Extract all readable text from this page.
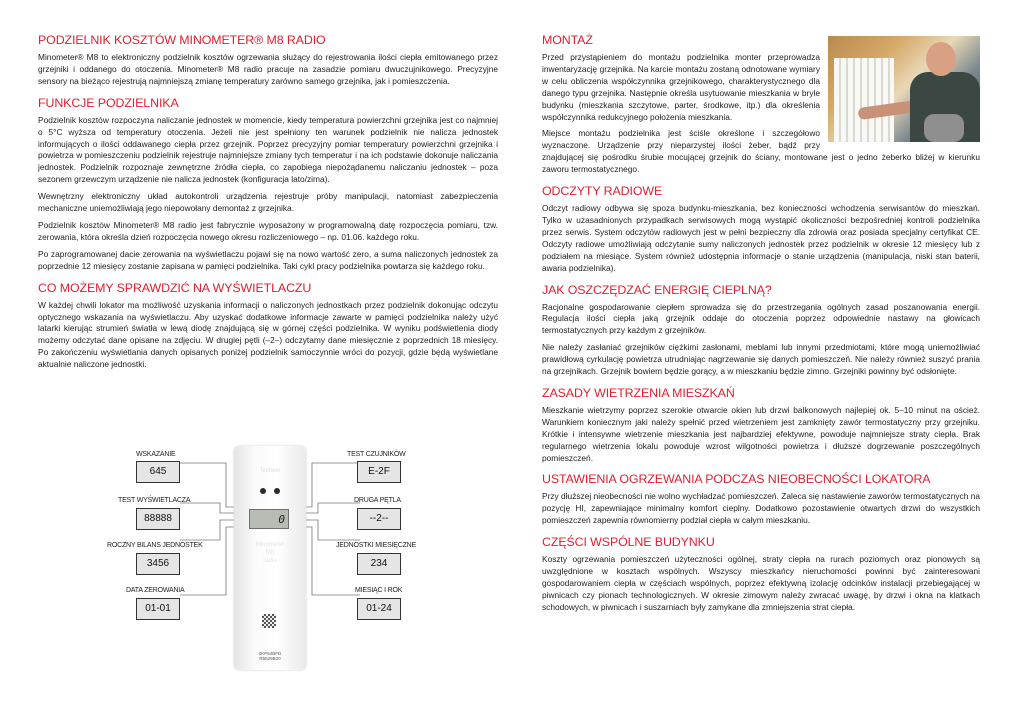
PODZIELNIK KOSZTÓW MINOMETER® M8 RADIO

Minometer® M8 to elektroniczny podzielnik kosztów ogrzewania służący do rejestrowania ilości ciepła emitowanego przez grzejniki i oddanego do otoczenia. Minometer® M8 radio pracuje na zasadzie pomiaru dwuczujnikowego. Precyzyjne sensory na bieżąco rejestrują najmniejszą zmianę temperatury zarówno samego grzejnika, jak i pomieszczenia.

FUNKCJE PODZIELNIKA

Podzielnik kosztów rozpoczyna naliczanie jednostek w momencie, kiedy temperatura powierzchni grzejnika jest co najmniej o 5°C wyższa od temperatury otoczenia. Jeżeli nie jest spełniony ten warunek podzielnik nie nalicza jednostek informujących o ilości oddawanego ciepła przez grzejnik. Poprzez precyzyjny pomiar temperatury powierzchni grzejnika i powietrza w pomieszczeniu podzielnik rejestruje najmniejsze zmiany tych temperatur i na ich podstawie dokonuje naliczania jednostek. Podzielnik rozpoznaje zewnętrzne źródła ciepła, co zapobiega niepożądanemu naliczaniu jednostek – poza sezonem grzewczym urządzenie nie nalicza jednostek (konfiguracja lato/zima).

Wewnętrzny elektroniczny układ autokontroli urządzenia rejestruje próby manipulacji, natomiast zabezpieczenia mechaniczne uniemożliwiają jego niepowołany demontaż z grzejnika.

Podzielnik kosztów Minometer® M8 radio jest fabrycznie wyposażony w programowalną datę rozpoczęcia pomiaru, tzw. zerowania, która określa dzień rozpoczęcia nowego okresu rozliczeniowego – np. 01.06. każdego roku.

Po zaprogramowanej dacie zerowania na wyświetlaczu pojawi się na nowo wartość zero, a suma naliczonych jednostek za poprzednie 12 miesięcy zostanie zapisana w pamięci podzielnika. Taki cykl pracy podzielnika powtarza się każdego roku.

CO MOŻEMY SPRAWDZIĆ NA WYŚWIETLACZU

W każdej chwili lokator ma możliwość uzyskania informacji o naliczonych jednostkach przez podzielnik dokonując odczytu optycznego wskazania na wyświetlaczu. Aby uzyskać dodatkowe informacje zawarte w pamięci podzielnika należy użyć latarki kierując strumień światła w lewą diodę znajdującą się w górnej części podzielnika. W wyniku podświetlenia diody możemy odczytać dane opisane na zdjęciu. W drugiej pętli (–2–) odczytamy dane miesięcznie z poprzednich 18 miesięcy. Po zakończeniu wyświetlania danych opisanych poniżej podzielnik samoczynnie wróci do pozycji, gdzie będą wyświetlane aktualnie naliczone jednostki.

Techem
0
Minometer
M8
radio
0KP64BFD
R6529B20
WSKAZANIE
645
TEST WYŚWIETLACZA
88888
ROCZNY BILANS JEDNOSTEK
3456
DATA ZEROWANIA
01-01
TEST CZUJNIKÓW
E-2F
DRUGA PĘTLA
--2--
JEDNOSTKI MIESIĘCZNE
234
MIESIĄC I ROK
01-24
MONTAŻ

Przed przystąpieniem do montażu podzielnika monter przeprowadza inwentaryzację grzejnika. Na karcie montażu zostaną odnotowane wymiary w celu obliczenia współczynnika grzejnikowego, charakterystycznego dla danego typu grzejnika. Następnie określa usytuowanie mieszkania w bryle budynku (mieszkania szczytowe, parter, środkowe, itp.) dla określenia współczynnika redukcyjnego położenia mieszkania.

Miejsce montażu podzielnika jest ściśle określone i szczegółowo wyznaczone. Urządzenie przy nieparzystej ilości żeber, bądź przy znajdującej się pośrodku śrubie mocującej grzejnik do ściany, montowane jest o jedno żeberko bliżej w kierunku zaworu termostatycznego.

ODCZYTY RADIOWE

Odczyt radiowy odbywa się spoza budynku-mieszkania, bez konieczności wchodzenia serwisantów do mieszkań. Tylko w uzasadnionych przypadkach serwisowych mogą wystąpić okoliczności bezpośredniej kontroli podzielnika przez serwis. System odczytów radiowych jest w pełni bezpieczny dla zdrowia oraz posiada specjalny certyfikat CE. Odczyty radiowe umożliwiają odczytanie sumy naliczonych jednostek przez podzielnik w okresie 12 miesięcy lub z podziałem na miesiące. System również udostępnia informacje o stanie urządzenia (manipulacja, niski stan baterii, awaria podzielnika).

JAK OSZCZĘDZAĆ ENERGIĘ CIEPLNĄ?

Racjonalne gospodarowanie ciepłem sprowadza się do przestrzegania ogólnych zasad poszanowania energii. Regulacja ilości ciepła jaką grzejnik oddaje do otoczenia poprzez odpowiednie nastawy na głowicach termostatycznych przy każdym z grzejników.

Nie należy zasłaniać grzejników ciężkimi zasłonami, meblami lub innymi przedmiotami, które mogą uniemożliwiać prawidłową cyrkulację powietrza utrudniając nagrzewanie się danych pomieszczeń. Nie należy również suszyć prania na grzejnikach. Grzejnik bowiem będzie gorący, a w mieszkaniu będzie zimno. Grzejniki powinny być odsłonięte.

ZASADY WIETRZENIA MIESZKAŃ

Mieszkanie wietrzymy poprzez szerokie otwarcie okien lub drzwi balkonowych najlepiej ok. 5–10 minut na oścież. Warunkiem koniecznym jaki należy spełnić przed wietrzeniem jest zamknięty zawór termostatyczny przy grzejniku. Krótkie i intensywne wietrzenie mieszkania jest najbardziej efektywne, powoduje najmniejsze straty ciepła. Brak regularnego wietrzenia lokalu powoduje wzrost wilgotności powietrza i dłuższe dogrzewanie poszczególnych pomieszczeń.

USTAWIENIA OGRZEWANIA PODCZAS NIEOBECNOŚCI LOKATORA

Przy dłuższej nieobecności nie wolno wychładzać pomieszczeń. Zaleca się nastawienie zaworów termostatycznych na pozycję HI, zapewniające minimalny komfort cieplny. Dodatkowo pozostawienie otwartych drzwi do wszystkich pomieszczeń zapewnia równomierny podział ciepła w całym mieszkaniu.

CZĘŚCI WSPÓLNE BUDYNKU

Koszty ogrzewania pomieszczeń użyteczności ogólnej, straty ciepła na rurach poziomych oraz pionowych są uwzględnione w kosztach wspólnych. Wszyscy mieszkańcy nieruchomości powinni być zainteresowani gospodarowaniem ciepła w częściach wspólnych, poprzez efektywną izolację odcinków instalacji przebiegającej w piwnicach czy pionach technologicznych. W okresie zimowym należy zwracać uwagę, by drzwi i okna na klatkach schodowych, w piwnicach i suszarniach były zamykane dla zmniejszenia strat ciepła.
